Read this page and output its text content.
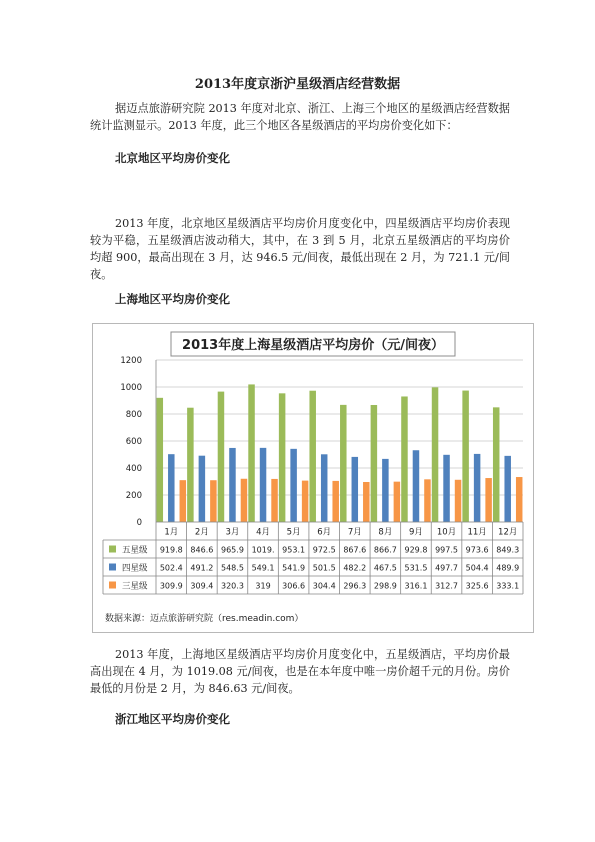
2013年度京浙沪星级酒店经营数据

据迈点旅游研究院 2013 年度对北京、浙江、上海三个地区的星级酒店经营数据统计监测显示。2013 年度，此三个地区各星级酒店的平均房价变化如下：

北京地区平均房价变化

2013 年度，北京地区星级酒店平均房价月度变化中，四星级酒店平均房价表现较为平稳，五星级酒店波动稍大，其中，在 3 到 5 月，北京五星级酒店的平均房价均超 900，最高出现在 3 月，达 946.5 元/间夜，最低出现在 2 月，为 721.1 元/间夜。

上海地区平均房价变化
2013年度上海星级酒店平均房价（元/间夜）
0
200
400
600
800
1000
1200
1月 2月 3月 4月 5月 6月 7月 8月 9月 10月 11月 12月
五星级 919.8 846.6 965.9 1019. 953.1 972.5 867.6 866.7 929.8 997.5 973.6 849.3
四星级 502.4 491.2 548.5 549.1 541.9 501.5 482.2 467.5 531.5 497.7 504.4 489.9
三星级 309.9 309.4 320.3 319 306.6 304.4 296.3 298.9 316.1 312.7 325.6 333.1
数据来源：迈点旅游研究院（res.meadin.com）

2013 年度，上海地区星级酒店平均房价月度变化中，五星级酒店，平均房价最高出现在 4 月，为 1019.08 元/间夜，也是在本年度中唯一房价超千元的月份。房价最低的月份是 2 月，为 846.63 元/间夜。

浙江地区平均房价变化
